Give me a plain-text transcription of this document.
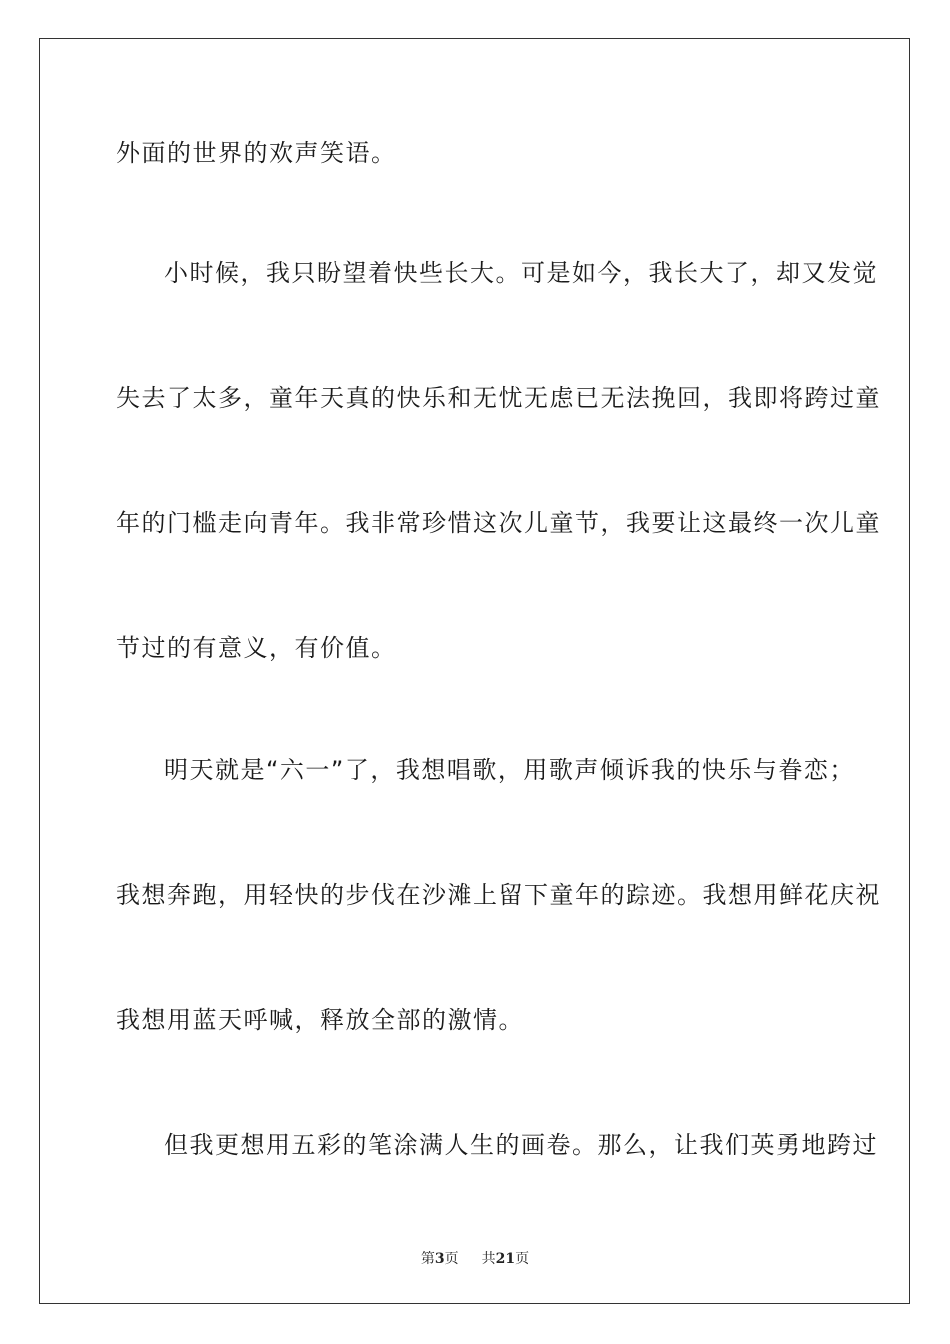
外面的世界的欢声笑语。
小时候，我只盼望着快些长大。可是如今，我长大了，却又发觉
失去了太多，童年天真的快乐和无忧无虑已无法挽回，我即将跨过童
年的门槛走向青年。我非常珍惜这次儿童节，我要让这最终一次儿童
节过的有意义，有价值。
明天就是“六一”了，我想唱歌，用歌声倾诉我的快乐与眷恋；
我想奔跑，用轻快的步伐在沙滩上留下童年的踪迹。我想用鲜花庆祝
我想用蓝天呼喊，释放全部的激情。
但我更想用五彩的笔涂满人生的画卷。那么，让我们英勇地跨过
第3页 共21页
